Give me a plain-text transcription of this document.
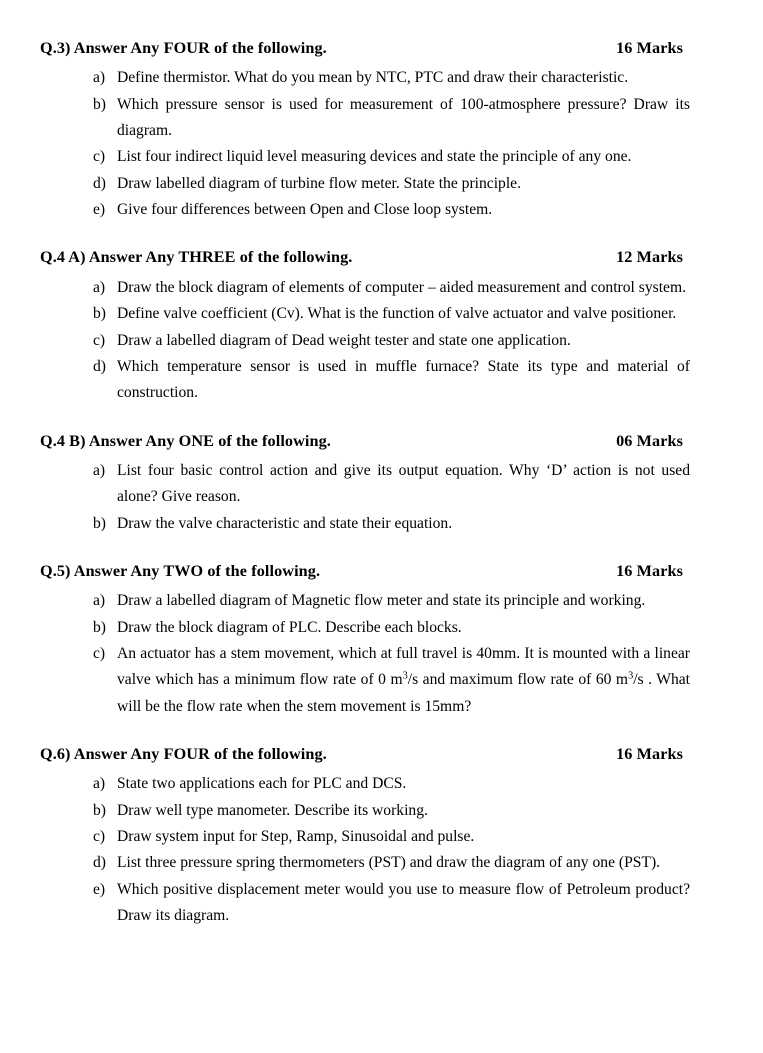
Q.3) Answer Any FOUR of the following.	16 Marks
a) Define thermistor. What do you mean by NTC, PTC and draw their characteristic.
b) Which pressure sensor is used for measurement of 100-atmosphere pressure? Draw its diagram.
c) List four indirect liquid level measuring devices and state the principle of any one.
d) Draw labelled diagram of turbine flow meter. State the principle.
e) Give four differences between Open and Close loop system.
Q.4 A) Answer Any THREE of the following.	12 Marks
a) Draw the block diagram of elements of computer – aided measurement and control system.
b) Define valve coefficient (Cv). What is the function of valve actuator and valve positioner.
c) Draw a labelled diagram of Dead weight tester and state one application.
d) Which temperature sensor is used in muffle furnace? State its type and material of construction.
Q.4 B) Answer Any ONE of the following.	06 Marks
a) List four basic control action and give its output equation. Why ‘D’ action is not used alone? Give reason.
b) Draw the valve characteristic and state their equation.
Q.5) Answer Any TWO of the following.	16 Marks
a) Draw a labelled diagram of Magnetic flow meter and state its principle and working.
b) Draw the block diagram of PLC. Describe each blocks.
c) An actuator has a stem movement, which at full travel is 40mm. It is mounted with a linear valve which has a minimum flow rate of 0 $m^3/s$ and maximum flow rate of 60 $m^3/s$ . What will be the flow rate when the stem movement is 15mm?
Q.6) Answer Any FOUR of the following.	16 Marks
a) State two applications each for PLC and DCS.
b) Draw well type manometer. Describe its working.
c) Draw system input for Step, Ramp, Sinusoidal and pulse.
d) List three pressure spring thermometers (PST) and draw the diagram of any one (PST).
e) Which positive displacement meter would you use to measure flow of Petroleum product? Draw its diagram.
